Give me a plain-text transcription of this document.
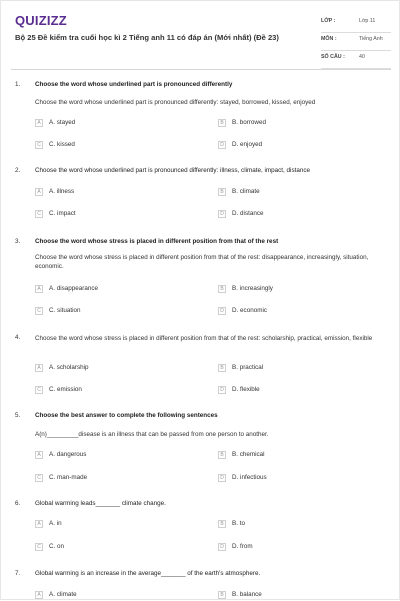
QUIZIZZ
Bộ 25 Đề kiểm tra cuối học kì 2 Tiếng anh 11 có đáp án (Mới nhất) (Đề 23)
LỚP :	Lớp 11
MÔN :	Tiếng Anh
SỐ CÂU :	40
1. Choose the word whose underlined part is pronounced differently
Choose the word whose underlined part is pronounced differently: stayed, borrowed, kissed, enjoyed
A	A. stayed	B	B. borrowed
C	C. kissed	D	D. enjoyed
2. Choose the word whose underlined part is pronounced differently: illness, climate, impact, distance
A	A. illness	B	B. climate
C	C. impact	D	D. distance
3. Choose the word whose stress is placed in different position from that of the rest
Choose the word whose stress is placed in different position from that of the rest: disappearance, increasingly, situation, economic.
A	A. disappearance	B	B. increasingly
C	C. situation	D	D. economic
4. Choose the word whose stress is placed in different position from that of the rest: scholarship, practical, emission, flexible
A	A. scholarship	B	B. practical
C	C. emission	D	D. flexible
5. Choose the best answer to complete the following sentences
A(n)_________disease is an illness that can be passed from one person to another.
A	A. dangerous	B	B. chemical
C	C. man-made	D	D. infectious
6. Global warming leads_______ climate change.
A	A. in	B	B. to
C	C. on	D	D. from
7. Global warming is an increase in the average_______ of the earth's atmosphere.
A	A. climate	B	B. balance
